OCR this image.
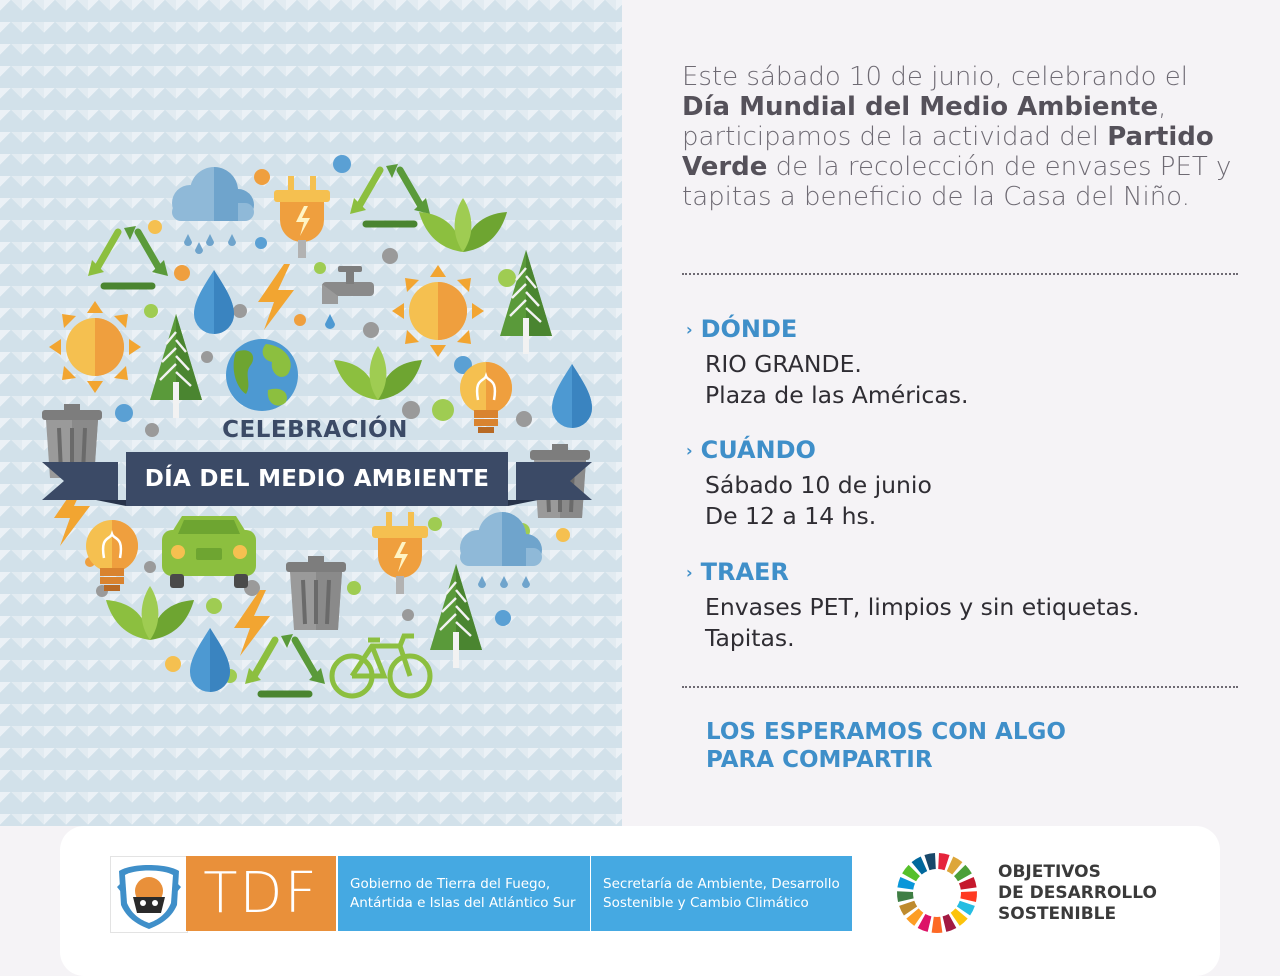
CELEBRACIÓN
DÍA DEL MEDIO AMBIENTE
Este sábado 10 de junio, celebrando el Día Mundial del Medio Ambiente, participamos de la actividad del Partido Verde de la recolección de envases PET y tapitas a beneficio de la Casa del Niño.
› DÓNDE
RIO GRANDE.
Plaza de las Américas.
› CUÁNDO
Sábado 10 de junio
De 12 a 14 hs.
› TRAER
Envases PET, limpios y sin etiquetas.
Tapitas.
LOS ESPERAMOS CON ALGO
PARA COMPARTIR
TDF Gobierno de Tierra del Fuego,
Antártida e Islas del Atlántico Sur
Secretaría de Ambiente, Desarrollo
Sostenible y Cambio Climático
OBJETIVOS
DE DESARROLLO
SOSTENIBLE
